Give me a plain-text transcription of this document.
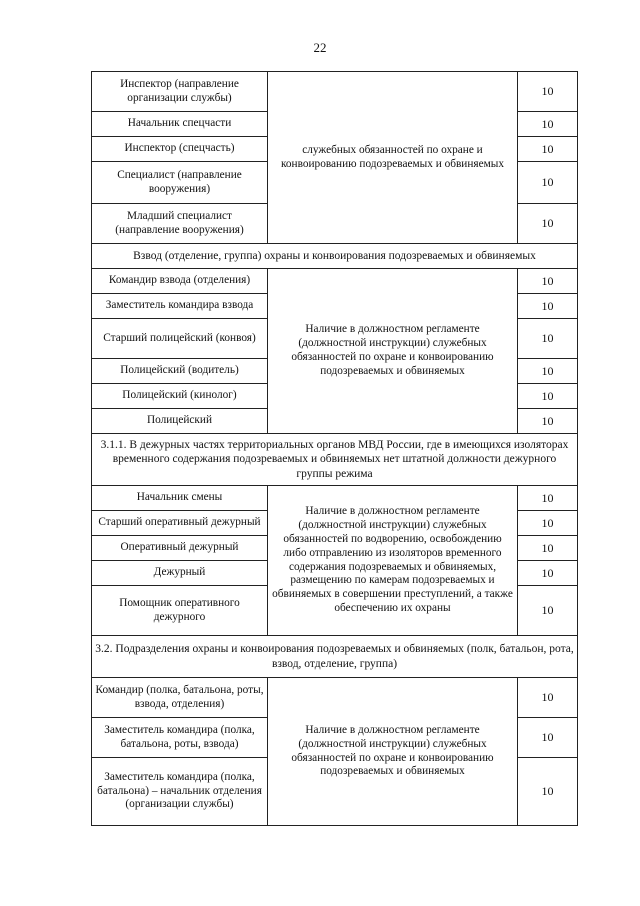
22
Инспектор (направление организации службы)	служебных обязанностей по охране и конвоированию подозреваемых и обвиняемых	10
Начальник спецчасти		10
Инспектор (спецчасть)		10
Специалист (направление вооружения)		10
Младший специалист (направление вооружения)		10
Взвод (отделение, группа) охраны и конвоирования подозреваемых и обвиняемых		
Командир взвода (отделения)	Наличие в должностном регламенте (должностной инструкции) служебных обязанностей по охране и конвоированию подозреваемых и обвиняемых	10
Заместитель командира взвода		10
Старший полицейский (конвоя)		10
Полицейский (водитель)		10
Полицейский (кинолог)		10
Полицейский		10
3.1.1. В дежурных частях территориальных органов МВД России, где в имеющихся изоляторах временного содержания подозреваемых и обвиняемых нет штатной должности дежурного группы режима		
Начальник смены	Наличие в должностном регламенте (должностной инструкции) служебных обязанностей по водворению, освобождению либо отправлению из изоляторов временного содержания подозреваемых и обвиняемых, размещению по камерам подозреваемых и обвиняемых в совершении преступлений, а также обеспечению их охраны	10
Старший оперативный дежурный		10
Оперативный дежурный		10
Дежурный		10
Помощник оперативного дежурного		10
3.2. Подразделения охраны и конвоирования подозреваемых и обвиняемых (полк, батальон, рота, взвод, отделение, группа)		
Командир (полка, батальона, роты, взвода, отделения)	Наличие в должностном регламенте (должностной инструкции) служебных обязанностей по охране и конвоированию подозреваемых и обвиняемых	10
Заместитель командира (полка, батальона, роты, взвода)		10
Заместитель командира (полка, батальона) – начальник отделения (организации службы)		10
